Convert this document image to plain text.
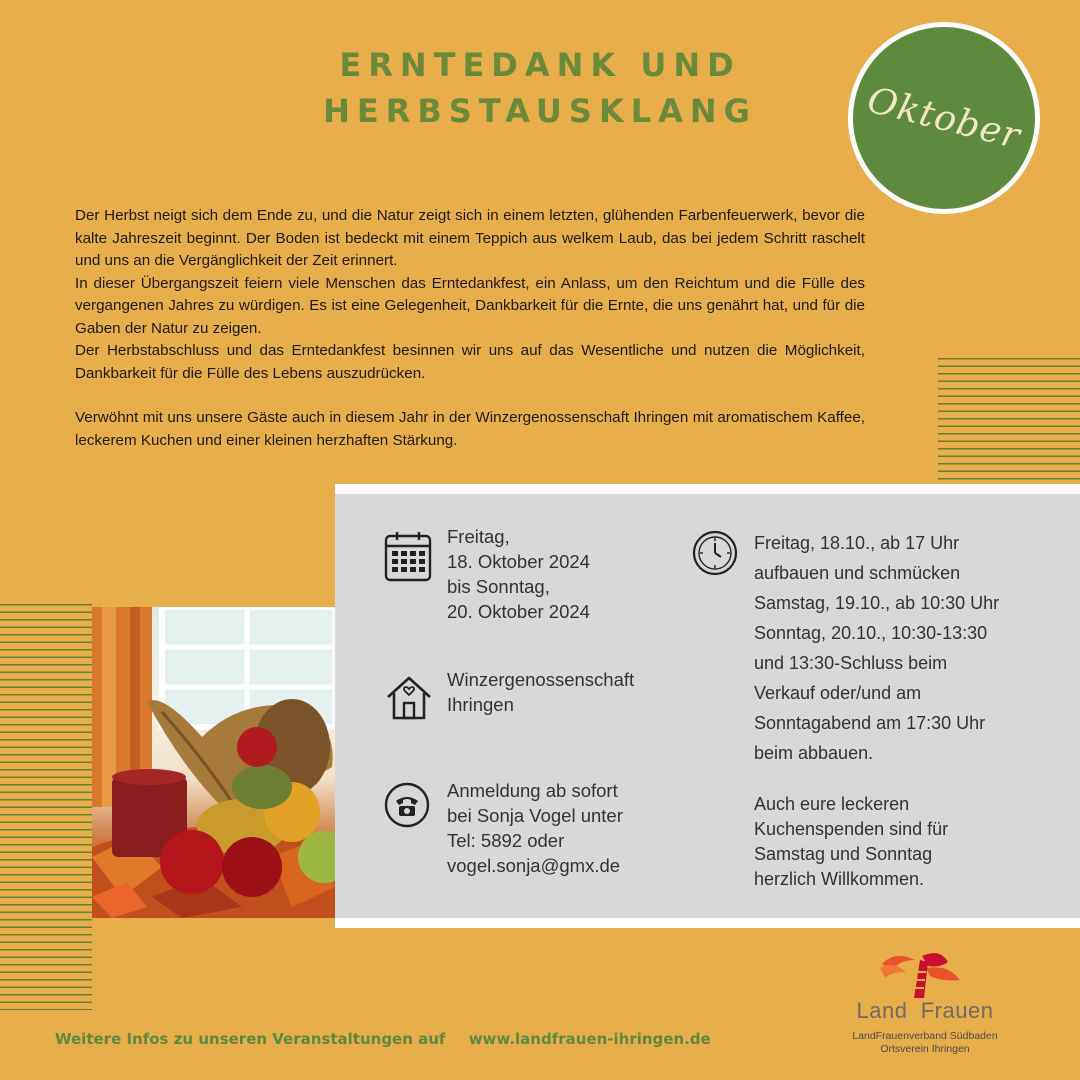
ERNTEDANK UND
HERBSTAUSKLANG	Oktober

Der Herbst neigt sich dem Ende zu, und die Natur zeigt sich in einem letzten, glühenden Farbenfeuerwerk, bevor die kalte Jahreszeit beginnt. Der Boden ist bedeckt mit einem Teppich aus welkem Laub, das bei jedem Schritt raschelt und uns an die Vergänglichkeit der Zeit erinnert.

In dieser Übergangszeit feiern viele Menschen das Erntedankfest, ein Anlass, um den Reichtum und die Fülle des vergangenen Jahres zu würdigen. Es ist eine Gelegenheit, Dankbarkeit für die Ernte, die uns genährt hat, und für die Gaben der Natur zu zeigen.

Der Herbstabschluss und das Erntedankfest besinnen wir uns auf das Wesentliche und nutzen die Möglichkeit, Dankbarkeit für die Fülle des Lebens auszudrücken.

Verwöhnt mit uns unsere Gäste auch in diesem Jahr in der Winzergenossenschaft Ihringen mit aromatischem Kaffee, leckerem Kuchen und einer kleinen herzhaften Stärkung.

Freitag,
18. Oktober 2024
bis Sonntag,
20. Oktober 2024
Winzergenossenschaft
Ihringen
Anmeldung ab sofort
bei Sonja Vogel unter
Tel: 5892 oder
vogel.sonja@gmx.de
Freitag, 18.10., ab 17 Uhr
aufbauen und schmücken
Samstag, 19.10., ab 10:30 Uhr
Sonntag, 20.10., 10:30-13:30
und 13:30-Schluss beim
Verkauf oder/und am
Sonntagabend am 17:30 Uhr
beim abbauen.
Auch eure leckeren
Kuchenspenden sind für
Samstag und Sonntag
herzlich Willkommen.
Weitere Infos zu unseren Veranstaltungen auf www.landfrauen-ihringen.de
Land Frauen
LandFrauenverband Südbaden
Ortsverein Ihringen
